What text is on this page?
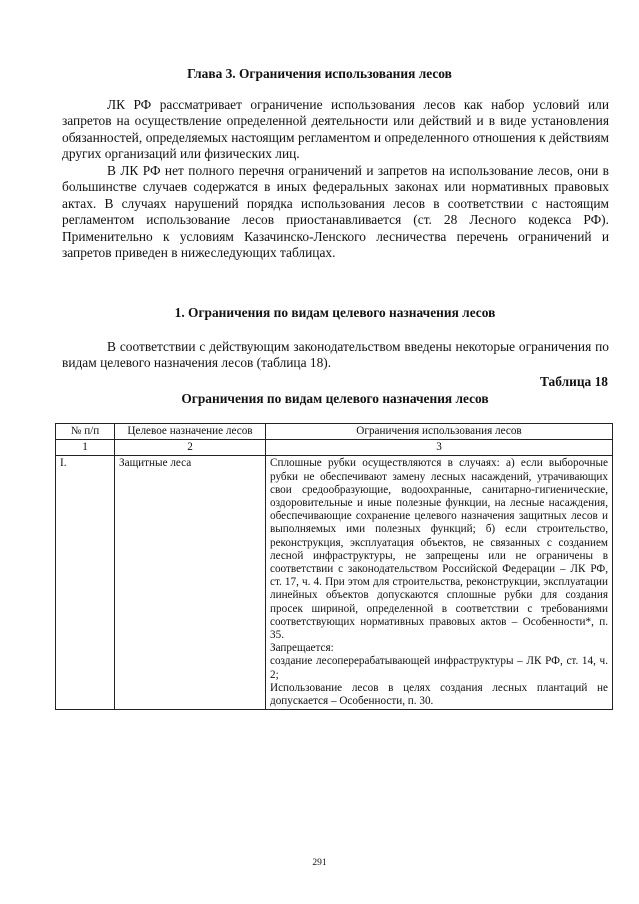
Глава 3. Ограничения использования лесов

ЛК РФ рассматривает ограничение использования лесов как набор условий или запретов на осуществление определенной деятельности или действий и в виде установления обязанностей, определяемых настоящим регламентом и определенного отношения к действиям других организаций или физических лиц.

В ЛК РФ нет полного перечня ограничений и запретов на использование лесов, они в большинстве случаев содержатся в иных федеральных законах или нормативных правовых актах. В случаях нарушений порядка использования лесов в соответствии с настоящим регламентом использование лесов приостанавливается (ст. 28 Лесного кодекса РФ). Применительно к условиям Казачинско-Ленского лесничества перечень ограничений и запретов приведен в нижеследующих таблицах.

1. Ограничения по видам целевого назначения лесов

В соответствии с действующим законодательством введены некоторые ограничения по видам целевого назначения лесов (таблица 18).

Таблица 18
Ограничения по видам целевого назначения лесов
№ п/п	Целевое назначение лесов	Ограничения использования лесов
1	2	3
I.	Защитные леса	Сплошные рубки осуществляются в случаях: а) если выборочные рубки не обеспечивают замену лесных насаждений, утрачивающих свои средообразующие, водоохранные, санитарно-гигиенические, оздоровительные и иные полезные функции, на лесные насаждения, обеспечивающие сохранение целевого назначения защитных лесов и выполняемых ими полезных функций; б) если строительство, реконструкция, эксплуатация объектов, не связанных с созданием лесной инфраструктуры, не запрещены или не ограничены в соответствии с законодательством Российской Федерации – ЛК РФ, ст. 17, ч. 4. При этом для строительства, реконструкции, эксплуатации линейных объектов допускаются сплошные рубки для создания просек шириной, определенной в соответствии с требованиями соответствующих нормативных правовых актов – Особенности*, п. 35.
Запрещается:
создание лесоперерабатывающей инфраструктуры – ЛК РФ, ст. 14, ч. 2;
Использование лесов в целях создания лесных плантаций не допускается – Особенности, п. 30.
291
